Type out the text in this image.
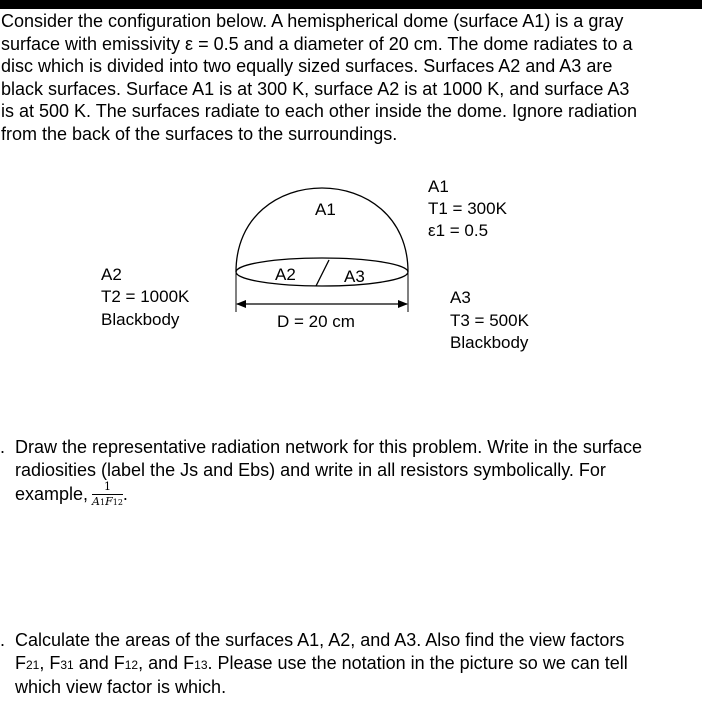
Consider the configuration below. A hemispherical dome (surface A1) is a gray
surface with emissivity ε = 0.5 and a diameter of 20 cm. The dome radiates to a
disc which is divided into two equally sized surfaces. Surfaces A2 and A3 are
black surfaces. Surface A1 is at 300 K, surface A2 is at 1000 K, and surface A3
is at 500 K. The surfaces radiate to each other inside the dome. Ignore radiation
from the back of the surfaces to the surroundings.

A1
A2	A3
D = 20 cm
A1
T1 = 300K
ε1 = 0.5
A2
T2 = 1000K
Blackbody
A3
T3 = 500K
Blackbody
. Draw the representative radiation network for this problem. Write in the surface
radiosities (label the Js and Ebs) and write in all resistors symbolically. For
example, $\frac{1}{A1F12}$ .
. Calculate the areas of the surfaces A1, A2, and A3. Also find the view factors
F21, F31 and F12, and F13. Please use the notation in the picture so we can tell
which view factor is which.
